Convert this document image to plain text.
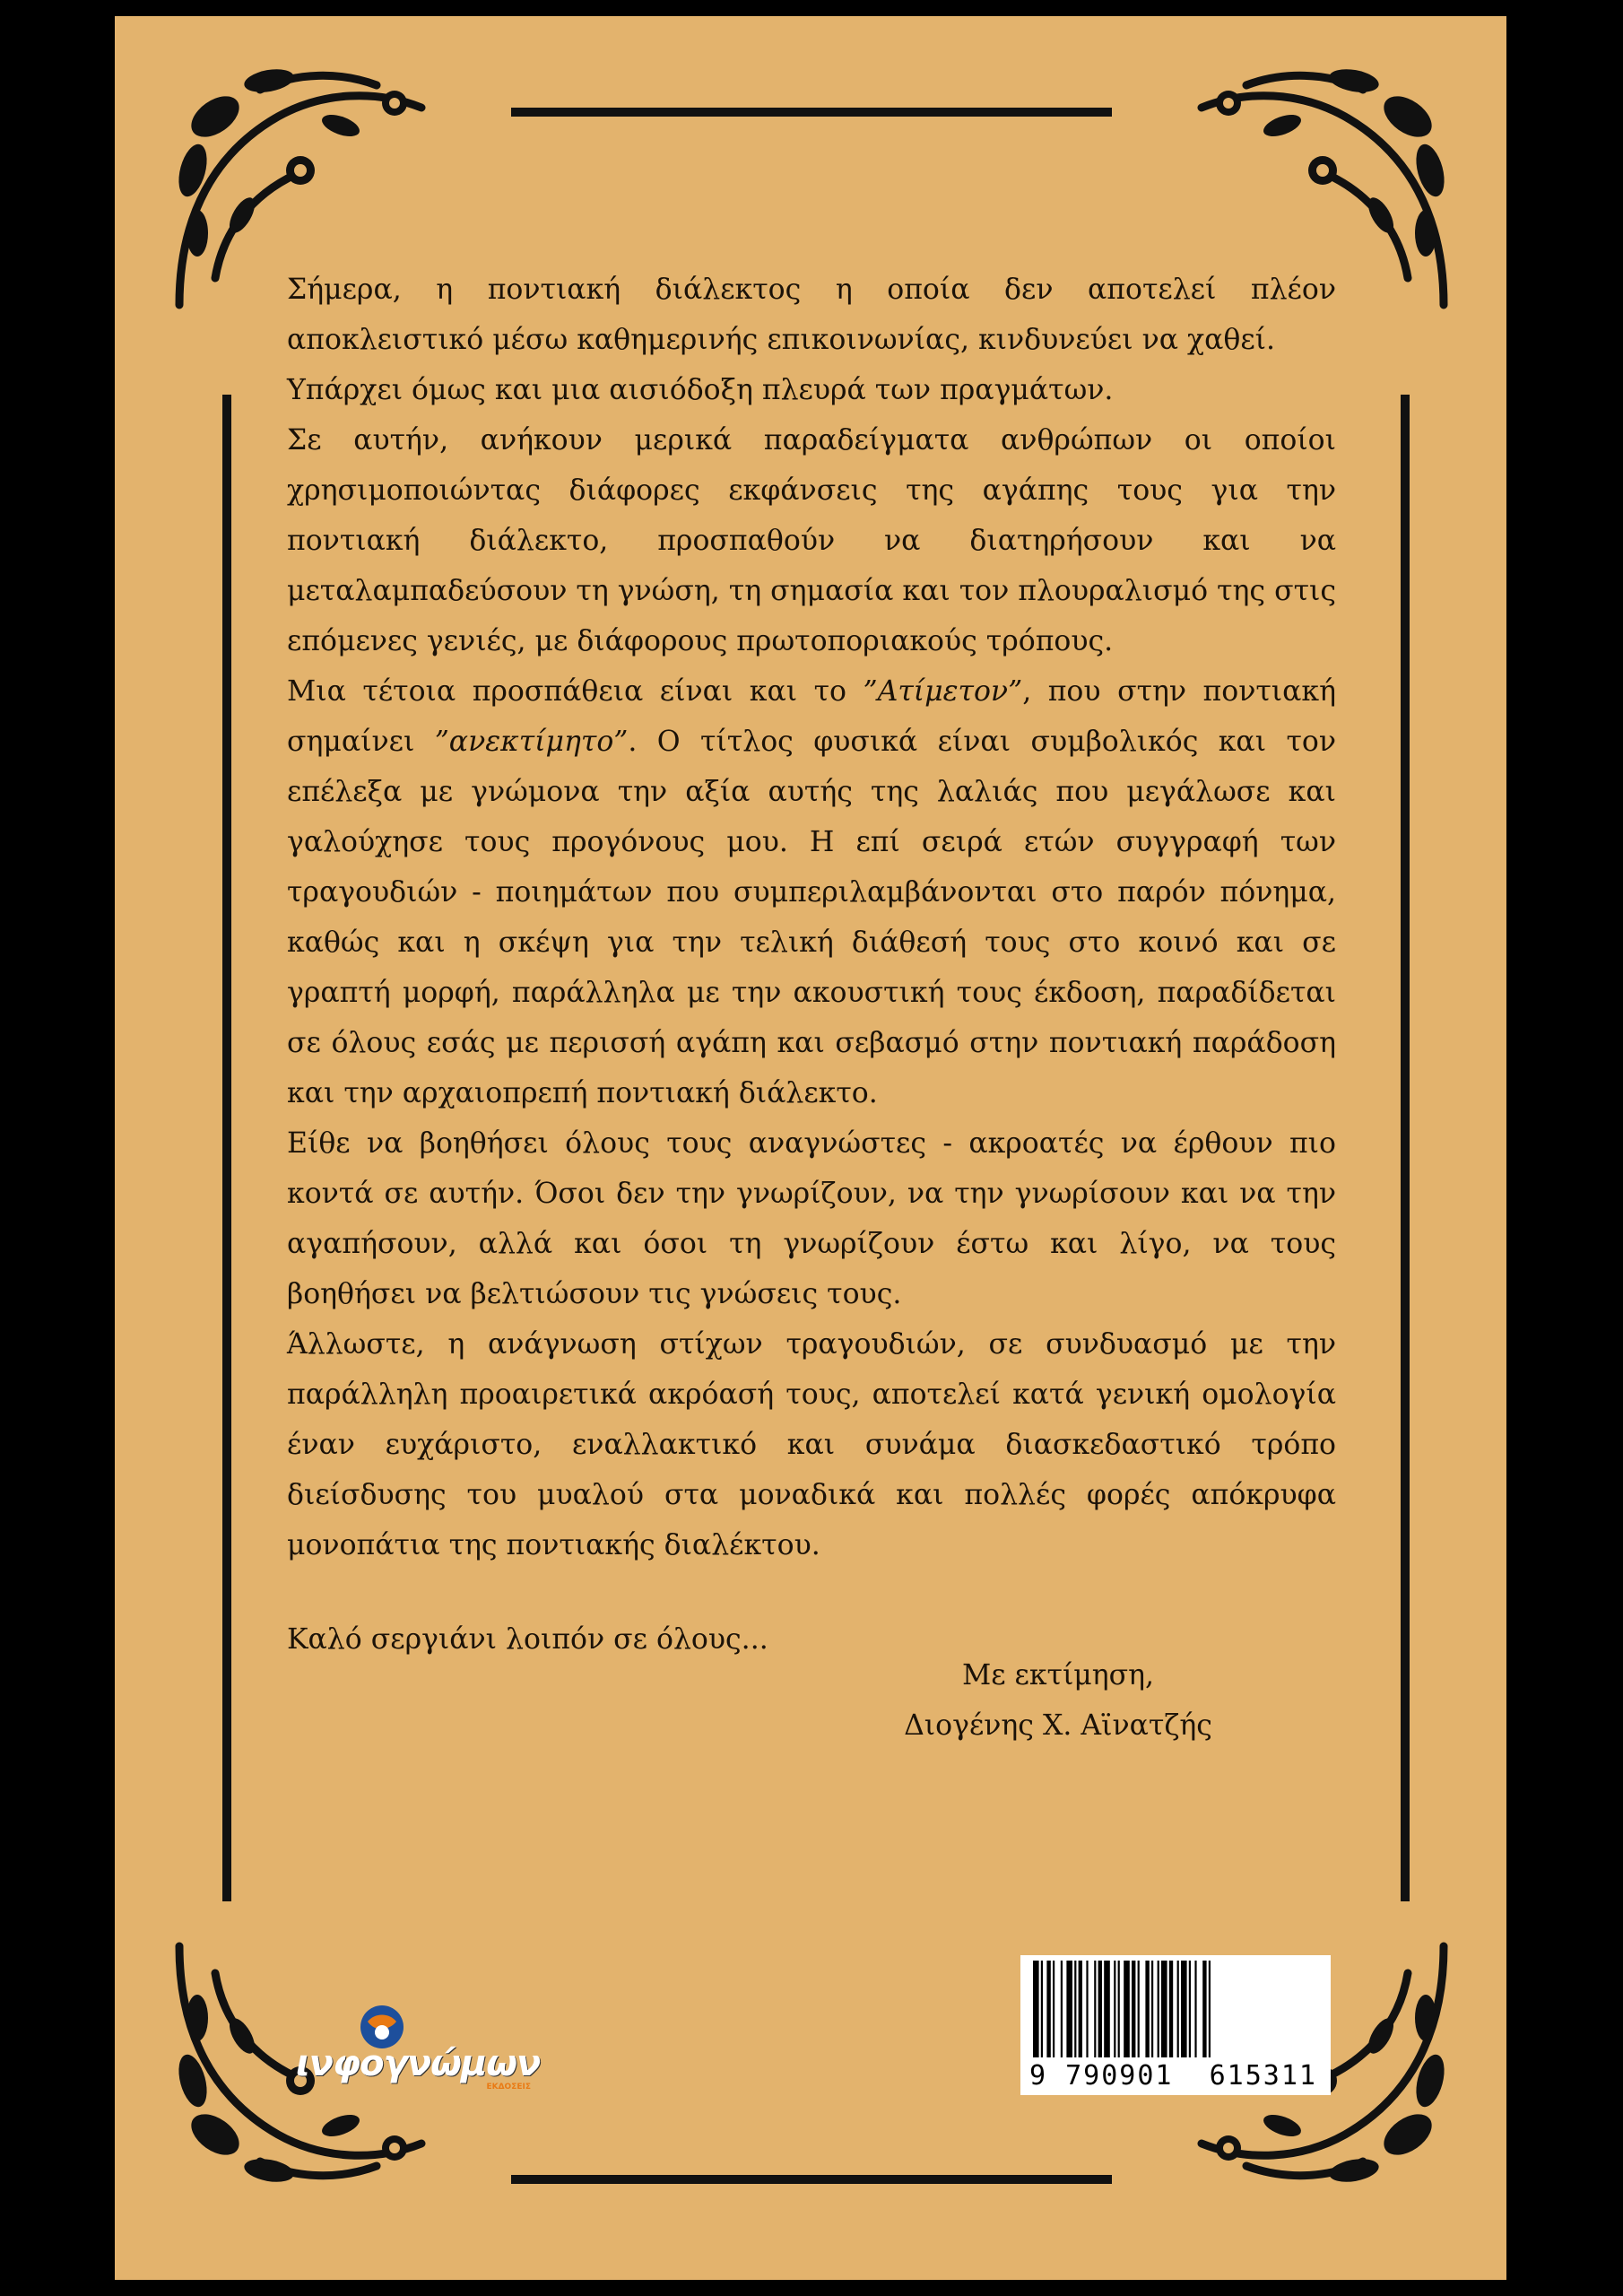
Σήμερα, η ποντιακή διάλεκτος η οποία δεν αποτελεί πλέον αποκλειστικό μέσω καθημερινής επικοινωνίας, κινδυνεύει να χαθεί.

Υπάρχει όμως και μια αισιόδοξη πλευρά των πραγμάτων.

Σε αυτήν, ανήκουν μερικά παραδείγματα ανθρώπων οι οποίοι χρησιμοποιώντας διάφορες εκφάνσεις της αγάπης τους για την ποντιακή διάλεκτο, προσπαθούν να διατηρήσουν και να μεταλαμπαδεύσουν τη γνώση, τη σημασία και τον πλουραλισμό της στις επόμενες γενιές, με διάφορους πρωτοποριακούς τρόπους.

Μια τέτοια προσπάθεια είναι και το ”Ατίμετον”, που στην ποντιακή σημαίνει ”ανεκτίμητο”. Ο τίτλος φυσικά είναι συμβολικός και τον επέλεξα με γνώμονα την αξία αυτής της λαλιάς που μεγάλωσε και γαλούχησε τους προγόνους μου. Η επί σειρά ετών συγγραφή των τραγουδιών - ποιημάτων που συμπεριλαμβάνονται στο παρόν πόνημα, καθώς και η σκέψη για την τελική διάθεσή τους στο κοινό και σε γραπτή μορφή, παράλληλα με την ακουστική τους έκδοση, παραδίδεται σε όλους εσάς με περισσή αγάπη και σεβασμό στην ποντιακή παράδοση και την αρχαιοπρεπή ποντιακή διάλεκτο.

Είθε να βοηθήσει όλους τους αναγνώστες - ακροατές να έρθουν πιο κοντά σε αυτήν. Όσοι δεν την γνωρίζουν, να την γνωρίσουν και να την αγαπήσουν, αλλά και όσοι τη γνωρίζουν έστω και λίγο, να τους βοηθήσει να βελτιώσουν τις γνώσεις τους.

Άλλωστε, η ανάγνωση στίχων τραγουδιών, σε συνδυασμό με την παράλληλη προαιρετικά ακρόασή τους, αποτελεί κατά γενική ομολογία έναν ευχάριστο, εναλλακτικό και συνάμα διασκεδαστικό τρόπο διείσδυσης του μυαλού στα μοναδικά και πολλές φορές απόκρυφα μονοπάτια της ποντιακής διαλέκτου.

Καλό σεργιάνι λοιπόν σε όλους...
Με εκτίμηση,
Διογένης Χ. Αϊνατζής
ινφογνώμων
ΕΚΔΟΣΕΙΣ	9 790901  615311
